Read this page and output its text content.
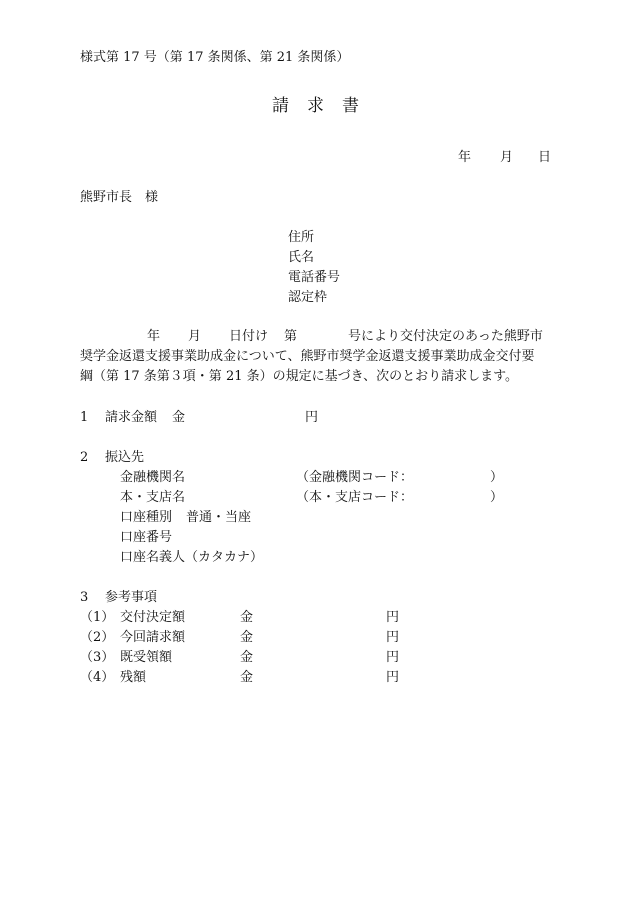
様式第 17 号（第 17 条関係、第 21 条関係）
請 求 書
年 月 日
熊野市長　様
住所
氏名
電話番号
認定枠
年 月 日付け 第	号により交付決定のあった熊野市
奨学金返還支援事業助成金について、熊野市奨学金返還支援事業助成金交付要
綱（第 17 条第３項・第 21 条）の規定に基づき、次のとおり請求します。
1 請求金額 金	円
2 振込先
金融機関名	（金融機関コード：	）
本・支店名	（本・支店コード：	）
口座種別 普通・当座
口座番号
口座名義人（カタカナ）
3 参考事項
（1） 交付決定額	金	円
（2） 今回請求額	金	円
（3） 既受領額	金	円
（4） 残額	金	円
